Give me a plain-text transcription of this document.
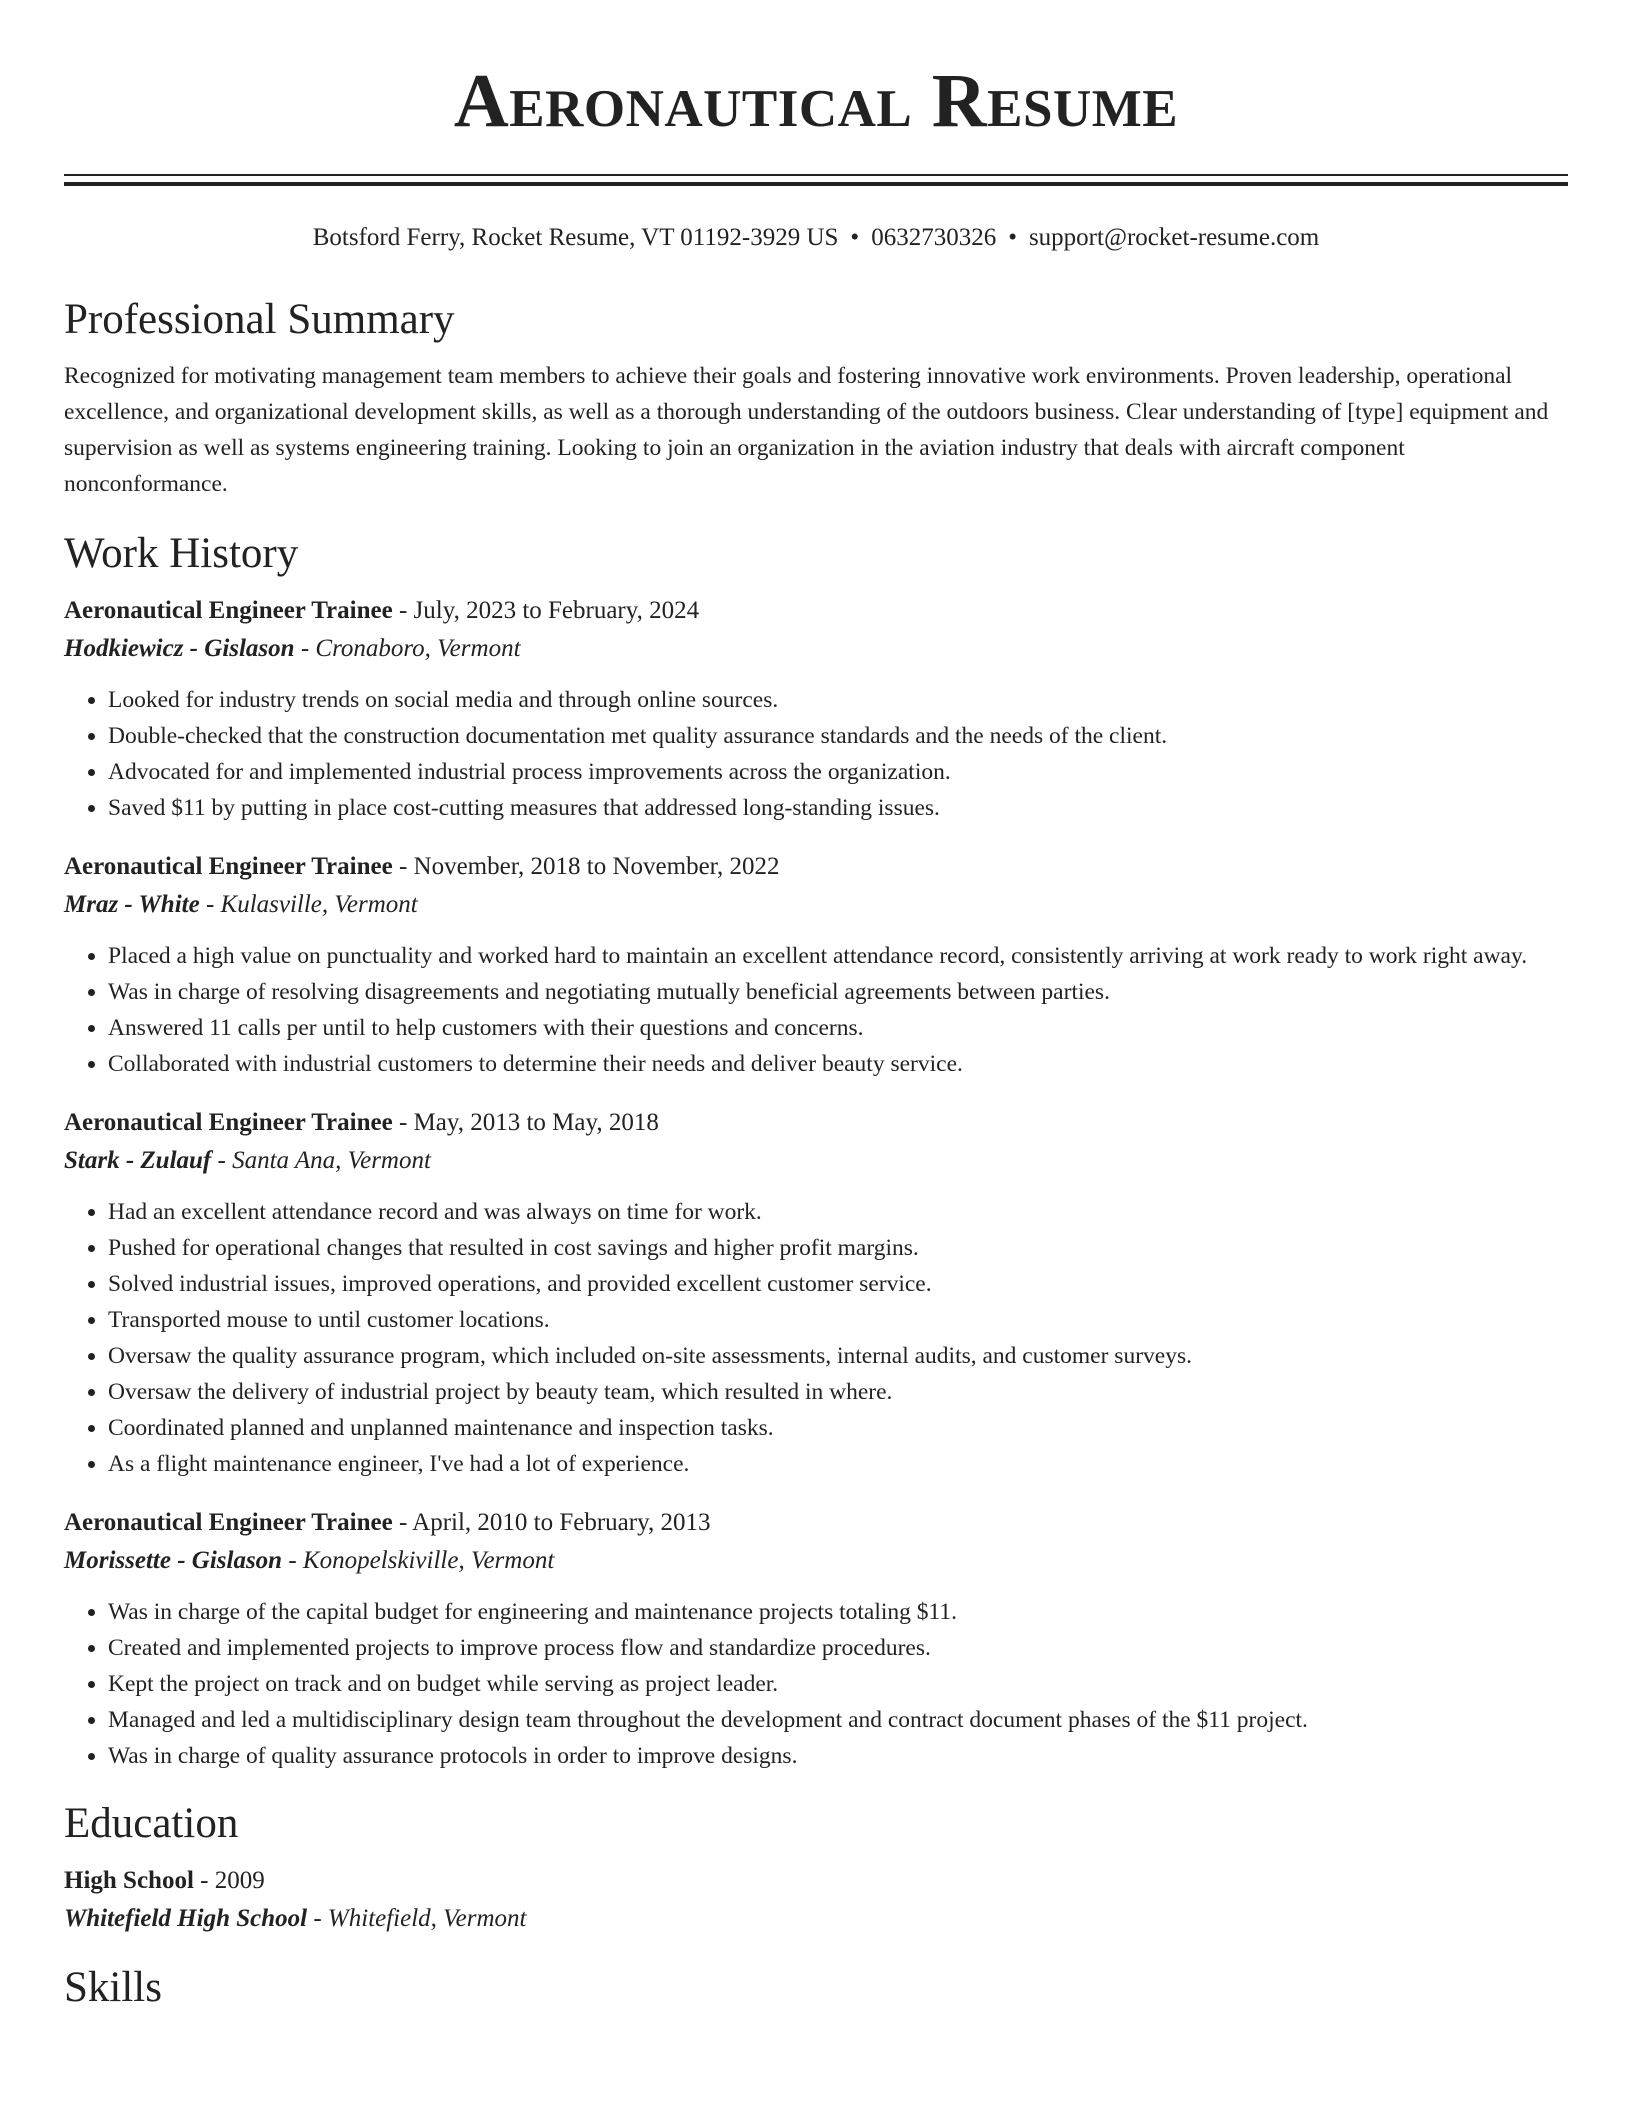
Aeronautical Resume
Botsford Ferry, Rocket Resume, VT 01192-3929 US • 0632730326 • support@rocket-resume.com
Professional Summary
Recognized for motivating management team members to achieve their goals and fostering innovative work environments. Proven leadership, operational excellence, and organizational development skills, as well as a thorough understanding of the outdoors business. Clear understanding of [type] equipment and supervision as well as systems engineering training. Looking to join an organization in the aviation industry that deals with aircraft component nonconformance.
Work History
Aeronautical Engineer Trainee - July, 2023 to February, 2024
Hodkiewicz - Gislason - Cronaboro, Vermont
• Looked for industry trends on social media and through online sources.
• Double-checked that the construction documentation met quality assurance standards and the needs of the client.
• Advocated for and implemented industrial process improvements across the organization.
• Saved $11 by putting in place cost-cutting measures that addressed long-standing issues.
Aeronautical Engineer Trainee - November, 2018 to November, 2022
Mraz - White - Kulasville, Vermont
• Placed a high value on punctuality and worked hard to maintain an excellent attendance record, consistently arriving at work ready to work right away.
• Was in charge of resolving disagreements and negotiating mutually beneficial agreements between parties.
• Answered 11 calls per until to help customers with their questions and concerns.
• Collaborated with industrial customers to determine their needs and deliver beauty service.
Aeronautical Engineer Trainee - May, 2013 to May, 2018
Stark - Zulauf - Santa Ana, Vermont
• Had an excellent attendance record and was always on time for work.
• Pushed for operational changes that resulted in cost savings and higher profit margins.
• Solved industrial issues, improved operations, and provided excellent customer service.
• Transported mouse to until customer locations.
• Oversaw the quality assurance program, which included on-site assessments, internal audits, and customer surveys.
• Oversaw the delivery of industrial project by beauty team, which resulted in where.
• Coordinated planned and unplanned maintenance and inspection tasks.
• As a flight maintenance engineer, I've had a lot of experience.
Aeronautical Engineer Trainee - April, 2010 to February, 2013
Morissette - Gislason - Konopelskiville, Vermont
• Was in charge of the capital budget for engineering and maintenance projects totaling $11.
• Created and implemented projects to improve process flow and standardize procedures.
• Kept the project on track and on budget while serving as project leader.
• Managed and led a multidisciplinary design team throughout the development and contract document phases of the $11 project.
• Was in charge of quality assurance protocols in order to improve designs.
Education
High School - 2009
Whitefield High School - Whitefield, Vermont
Skills
